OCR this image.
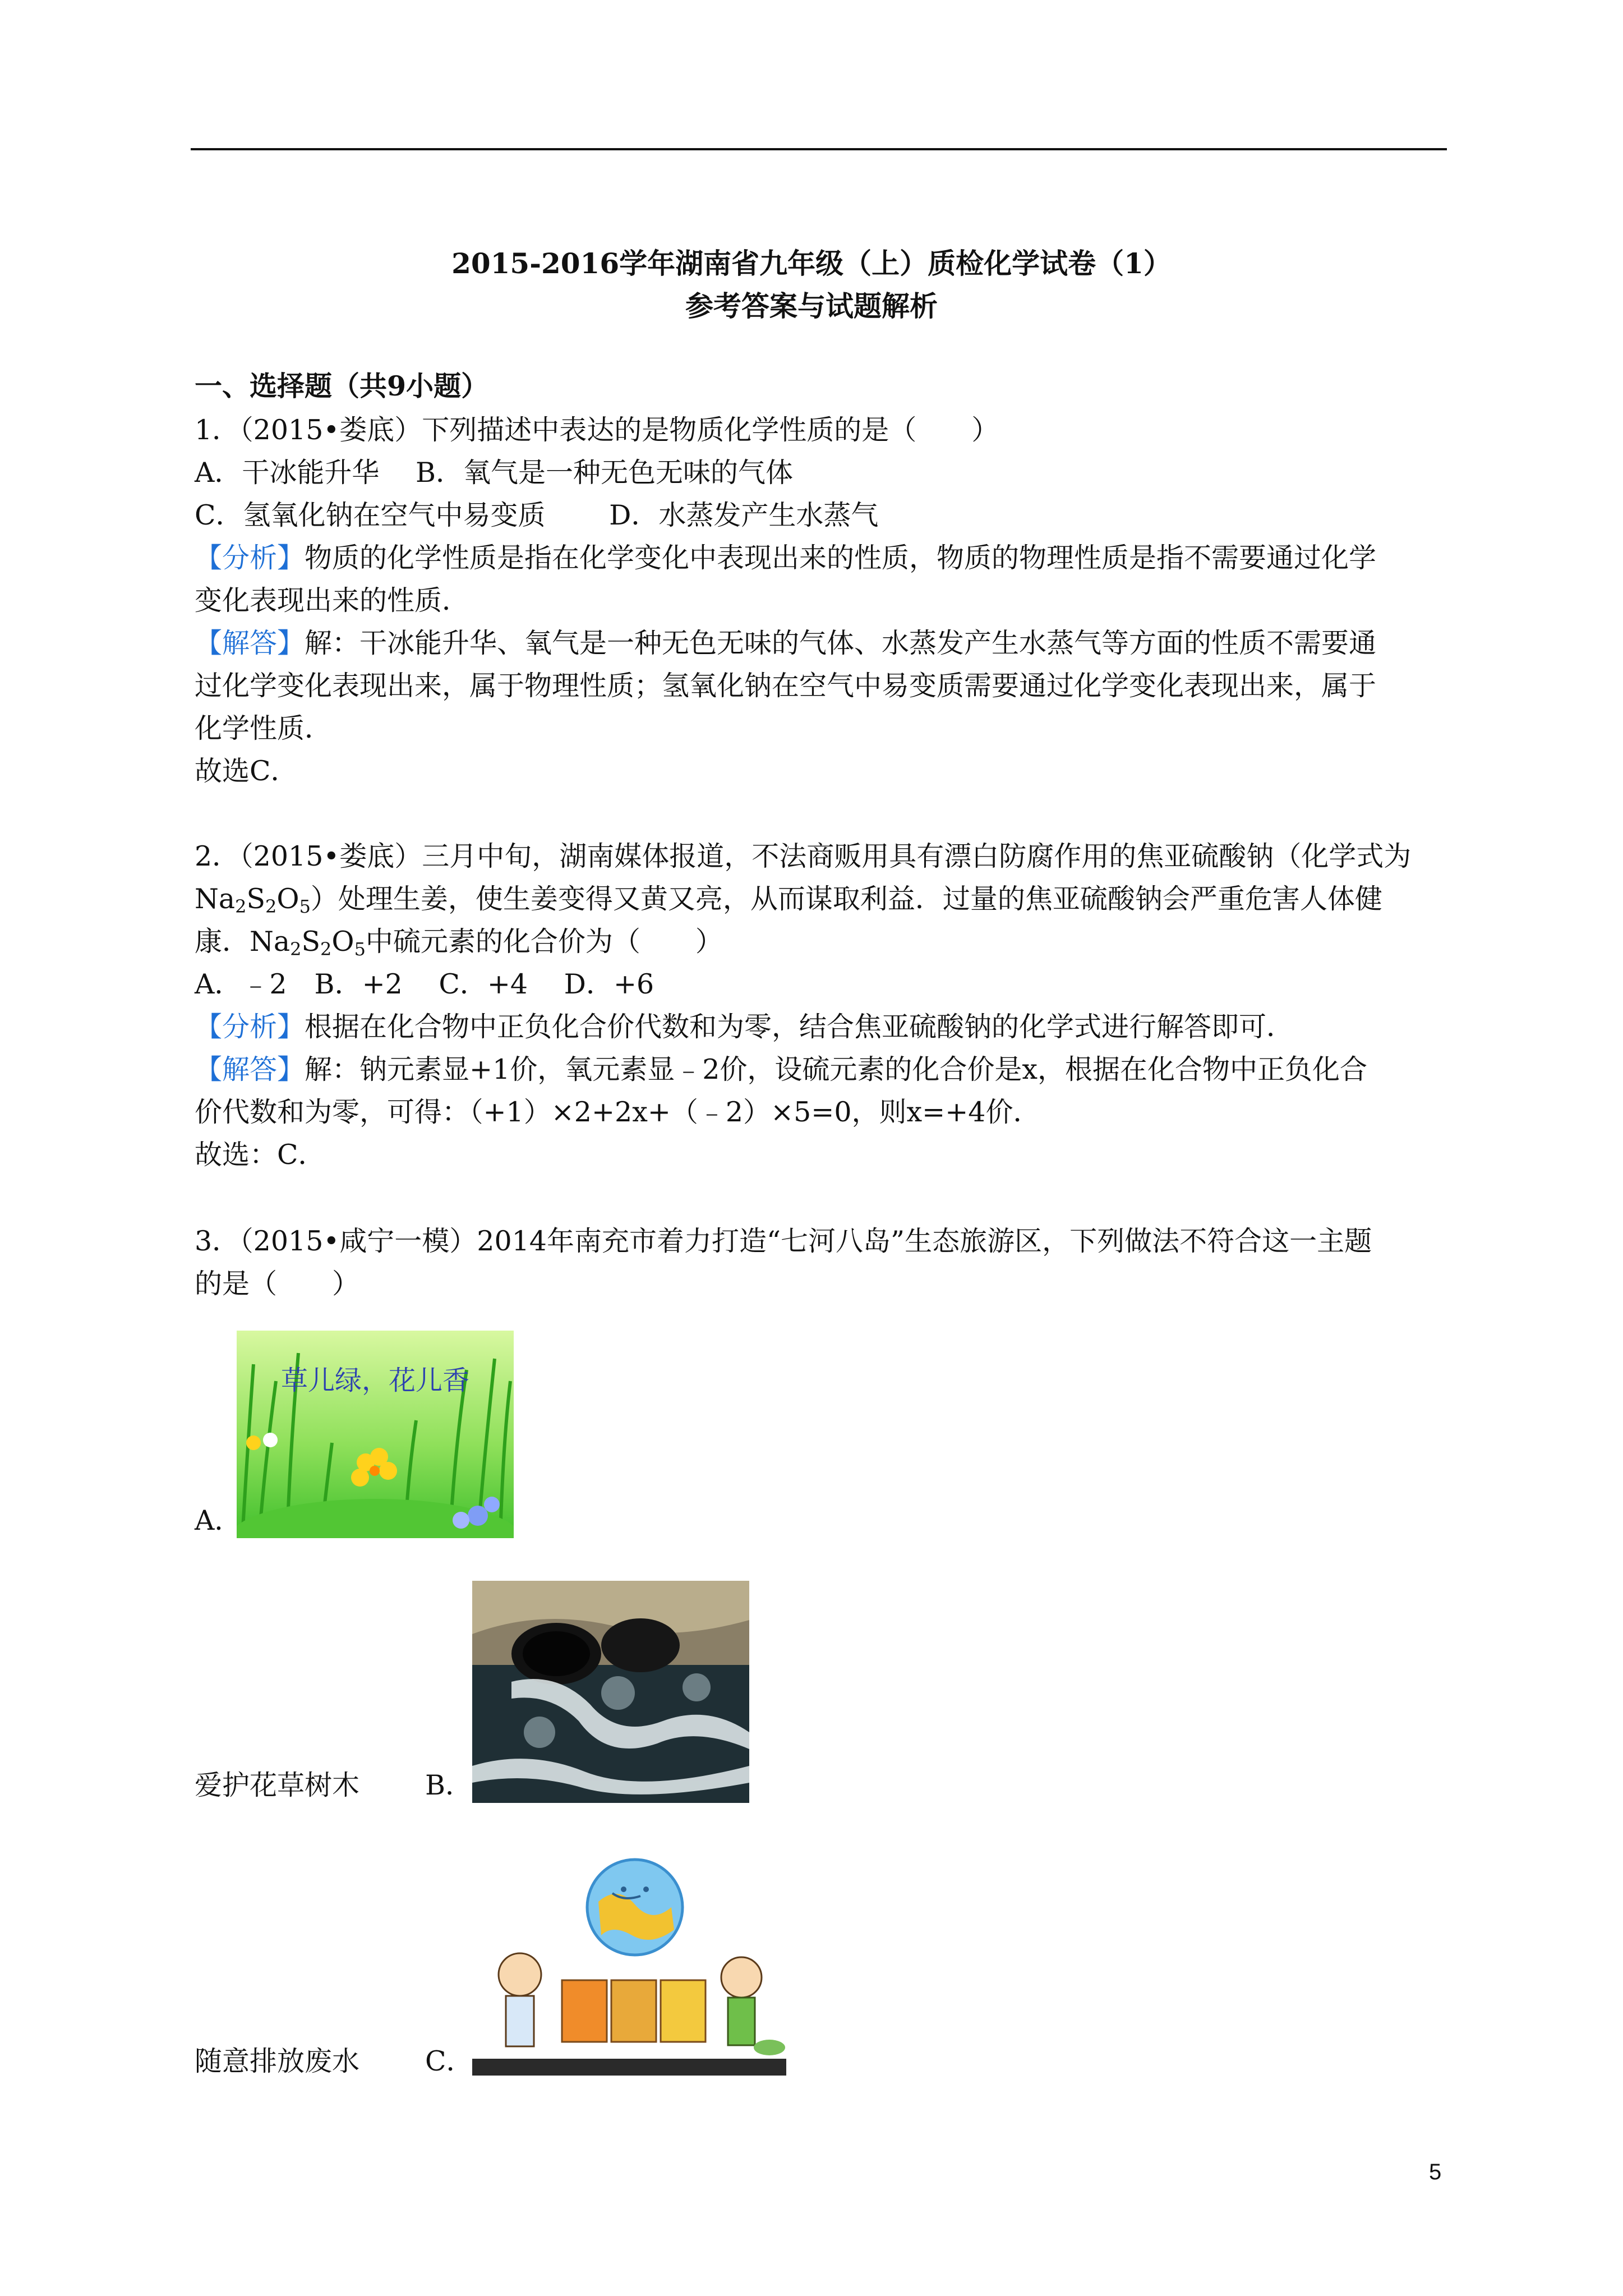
2015-2016学年湖南省九年级（上）质检化学试卷（1）
参考答案与试题解析
一、选择题（共9小题）
1．（2015•娄底）下列描述中表达的是物质化学性质的是（　　）
A．干冰能升华　 B．氧气是一种无色无味的气体
C．氢氧化钠在空气中易变质　　 D．水蒸发产生水蒸气
【分析】物质的化学性质是指在化学变化中表现出来的性质，物质的物理性质是指不需要通过化学
变化表现出来的性质．
【解答】解：干冰能升华、氧气是一种无色无味的气体、水蒸发产生水蒸气等方面的性质不需要通
过化学变化表现出来，属于物理性质；氢氧化钠在空气中易变质需要通过化学变化表现出来，属于
化学性质．
故选C．
2．（2015•娄底）三月中旬，湖南媒体报道，不法商贩用具有漂白防腐作用的焦亚硫酸钠（化学式为
$Na_2S_2O_5$）处理生姜，使生姜变得又黄又亮，从而谋取利益．过量的焦亚硫酸钠会严重危害人体健
康．$Na_2S_2O_5$中硫元素的化合价为（　　）
A．﹣2　B．+2　 C．+4　 D．+6
【分析】根据在化合物中正负化合价代数和为零，结合焦亚硫酸钠的化学式进行解答即可．
【解答】解：钠元素显+1价，氧元素显﹣2价，设硫元素的化合价是x，根据在化合物中正负化合
价代数和为零，可得：（+1）×2+2x+（﹣2）×5=0，则x=+4价．
故选：C．
3．（2015•咸宁一模）2014年南充市着力打造“七河八岛”生态旅游区，下列做法不符合这一主题
的是（　　）
草儿绿，花儿香
A．
爱护花草树木 B．
随意排放废水 C．
5
